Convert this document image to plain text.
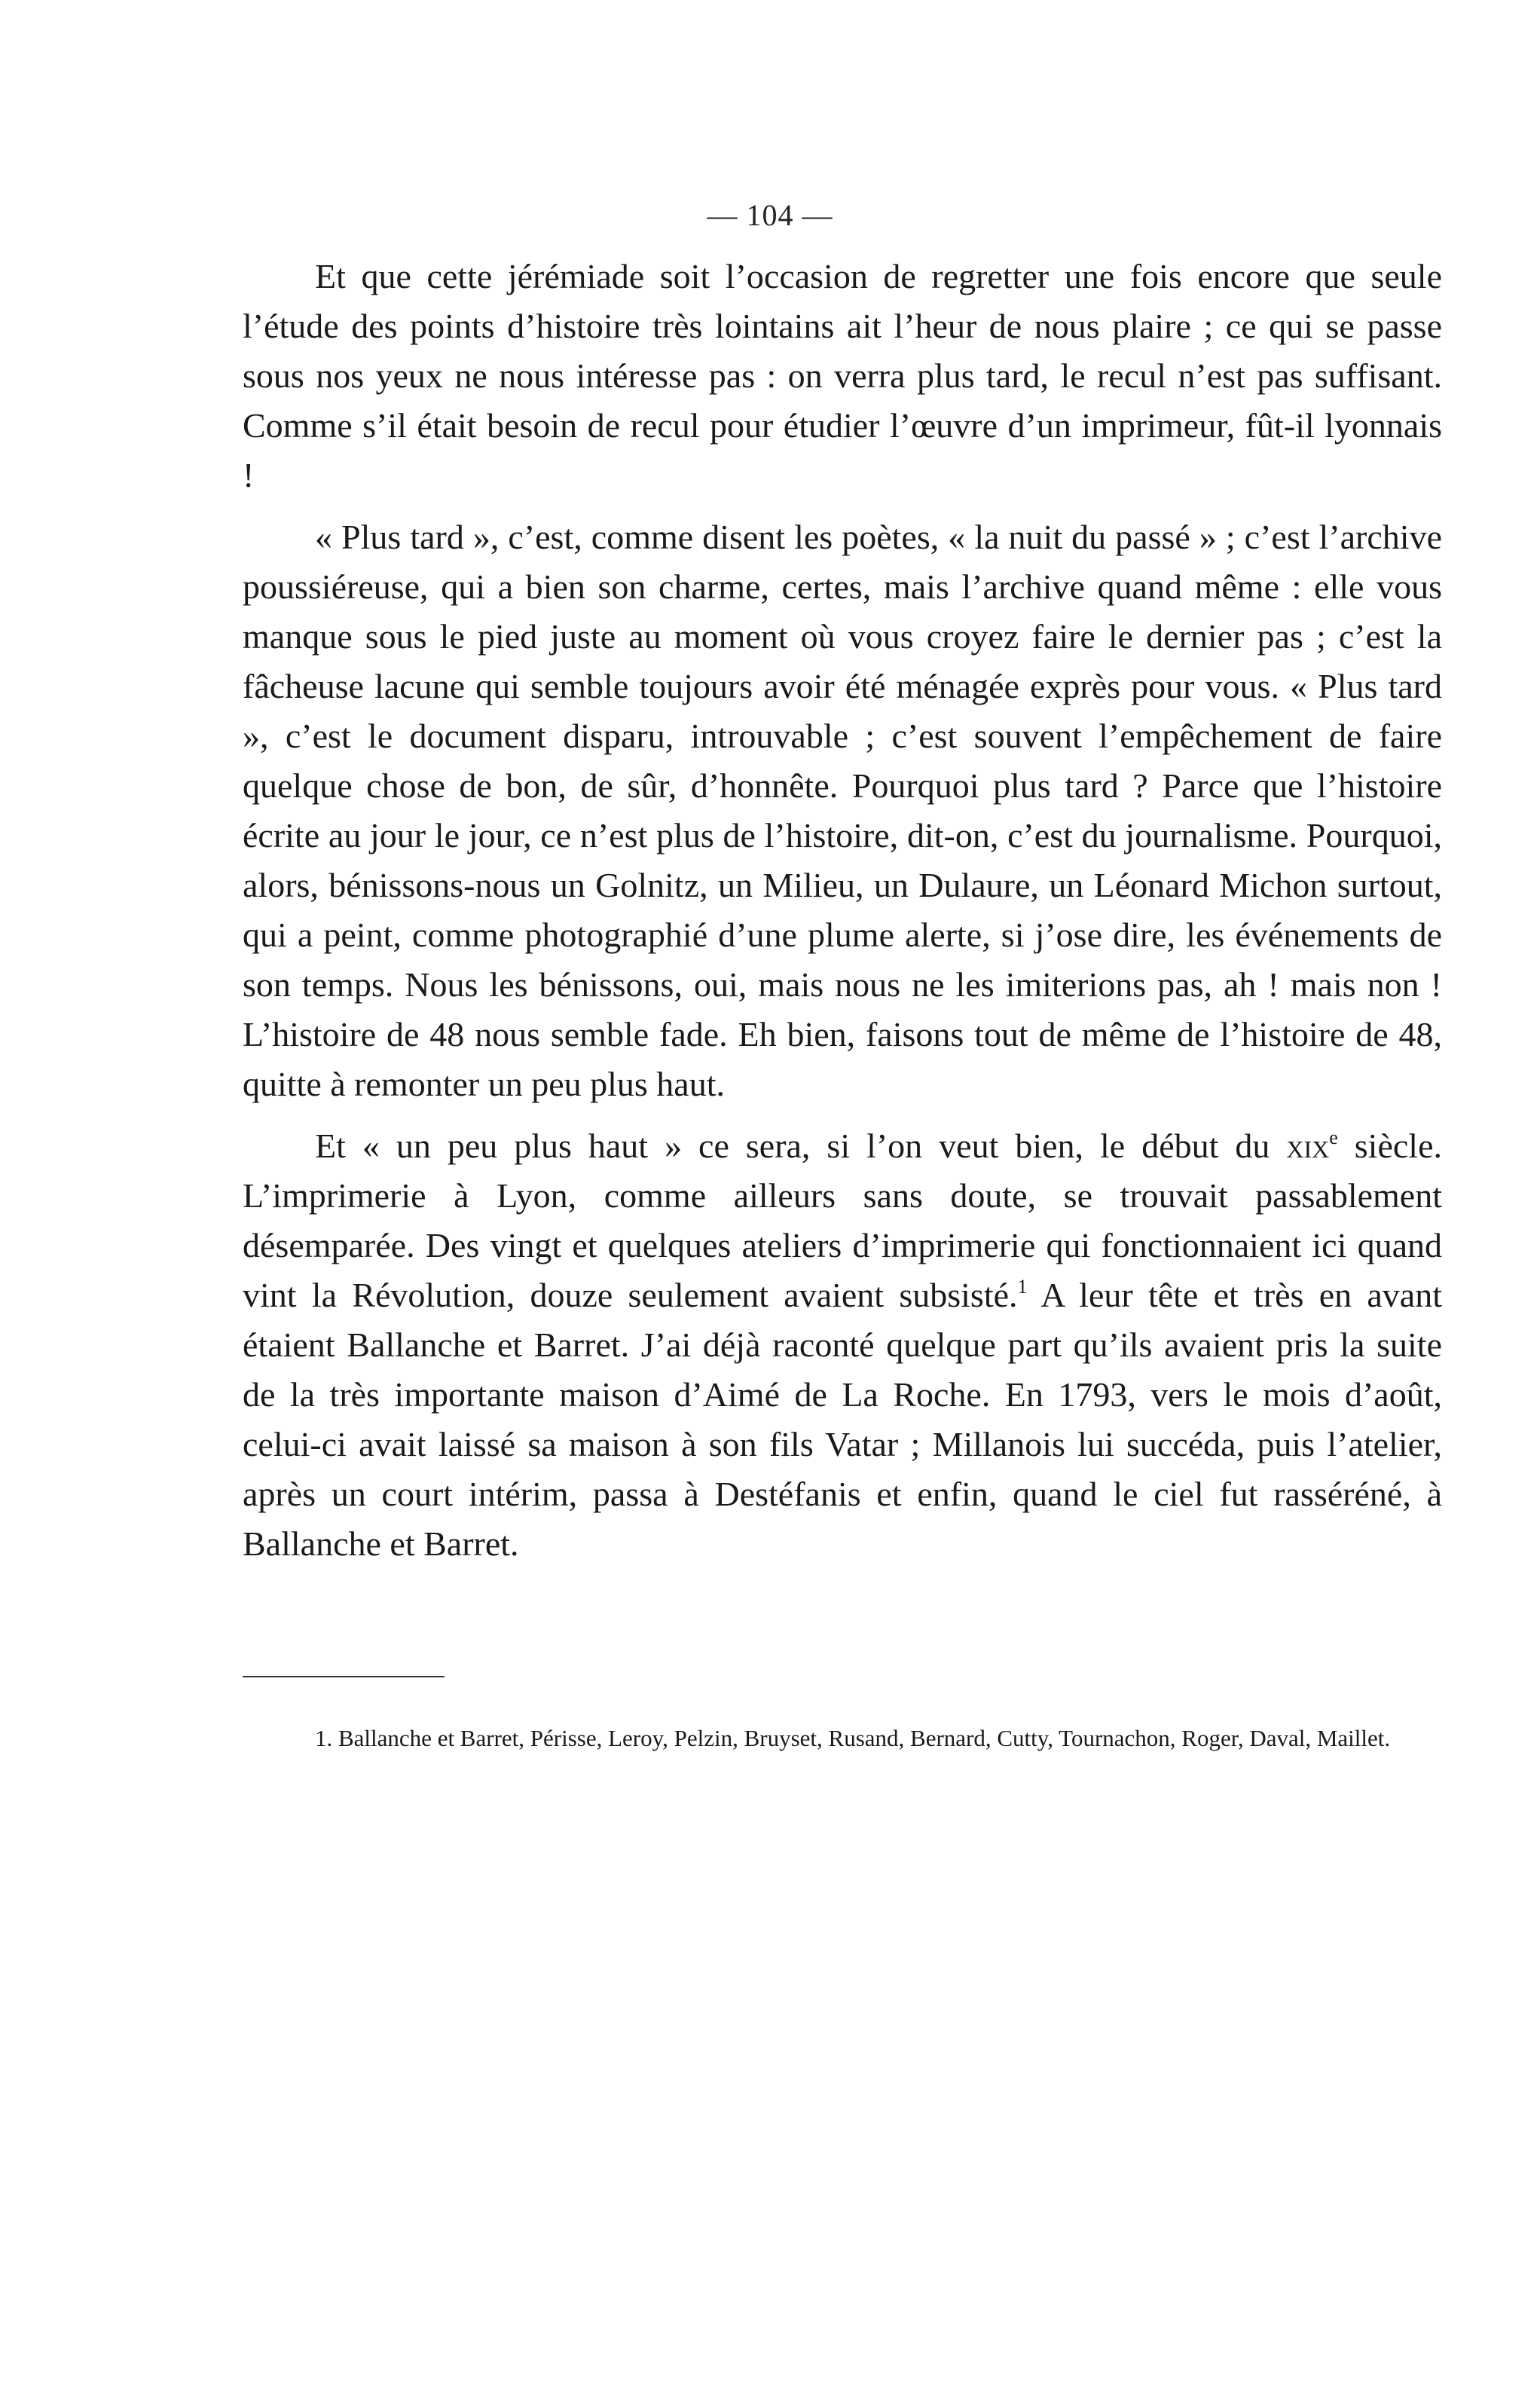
— 104 —

Et que cette jérémiade soit l’occasion de regretter une fois encore que seule l’étude des points d’histoire très lointains ait l’heur de nous plaire ; ce qui se passe sous nos yeux ne nous intéresse pas : on verra plus tard, le recul n’est pas suffisant. Comme s’il était besoin de recul pour étudier l’œuvre d’un imprimeur, fût-il lyonnais !

« Plus tard », c’est, comme disent les poètes, « la nuit du passé » ; c’est l’archive poussiéreuse, qui a bien son charme, certes, mais l’archive quand même : elle vous manque sous le pied juste au moment où vous croyez faire le dernier pas ; c’est la fâcheuse lacune qui semble toujours avoir été ménagée exprès pour vous. « Plus tard », c’est le document disparu, introuvable ; c’est souvent l’empêchement de faire quelque chose de bon, de sûr, d’honnête. Pourquoi plus tard ? Parce que l’histoire écrite au jour le jour, ce n’est plus de l’histoire, dit-on, c’est du journalisme. Pourquoi, alors, bénissons-nous un Golnitz, un Milieu, un Dulaure, un Léonard Michon surtout, qui a peint, comme photographié d’une plume alerte, si j’ose dire, les événements de son temps. Nous les bénissons, oui, mais nous ne les imiterions pas, ah ! mais non ! L’histoire de 48 nous semble fade. Eh bien, faisons tout de même de l’histoire de 48, quitte à remonter un peu plus haut.

Et « un peu plus haut » ce sera, si l’on veut bien, le début du xix$^e$ siècle. L’imprimerie à Lyon, comme ailleurs sans doute, se trouvait passablement désemparée. Des vingt et quelques ateliers d’imprimerie qui fonctionnaient ici quand vint la Révolution, douze seulement avaient subsisté.$^1$ A leur tête et très en avant étaient Ballanche et Barret. J’ai déjà raconté quelque part qu’ils avaient pris la suite de la très importante maison d’Aimé de La Roche. En 1793, vers le mois d’août, celui-ci avait laissé sa maison à son fils Vatar ; Millanois lui succéda, puis l’atelier, après un court intérim, passa à Destéfanis et enfin, quand le ciel fut rasséréné, à Ballanche et Barret.

1. Ballanche et Barret, Périsse, Leroy, Pelzin, Bruyset, Rusand, Bernard, Cutty, Tournachon, Roger, Daval, Maillet.
